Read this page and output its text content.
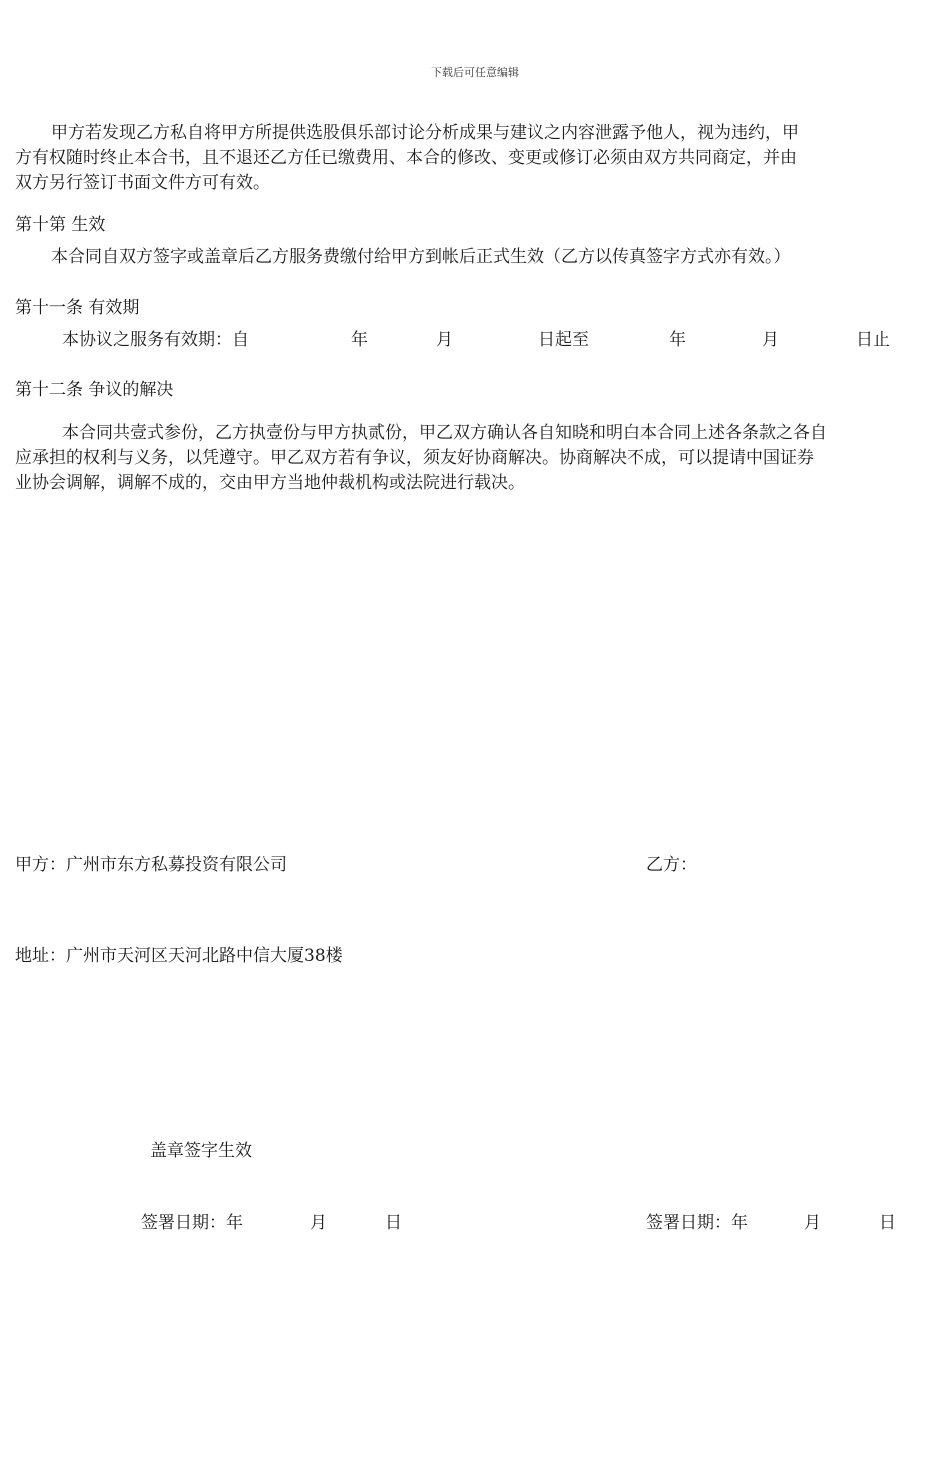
下载后可任意编辑
甲方若发现乙方私自将甲方所提供选股俱乐部讨论分析成果与建议之内容泄露予他人，视为违约，甲
方有权随时终止本合书，且不退还乙方任已缴费用、本合的修改、变更或修订必须由双方共同商定，并由
双方另行签订书面文件方可有效。
第十第 生效
本合同自双方签字或盖章后乙方服务费缴付给甲方到帐后正式生效（乙方以传真签字方式亦有效。）
第十一条 有效期
本协议之服务有效期：自	年	月	日起至	年	月	日止
第十二条 争议的解决
本合同共壹式参份，乙方执壹份与甲方执贰份，甲乙双方确认各自知晓和明白本合同上述各条款之各自
应承担的权利与义务，以凭遵守。甲乙双方若有争议，须友好协商解决。协商解决不成，可以提请中国证券
业协会调解，调解不成的，交由甲方当地仲裁机构或法院进行载决。
甲方：广州市东方私募投资有限公司	乙方：
地址：广州市天河区天河北路中信大厦38楼
盖章签字生效
签署日期：年	月	日	签署日期：年	月	日
